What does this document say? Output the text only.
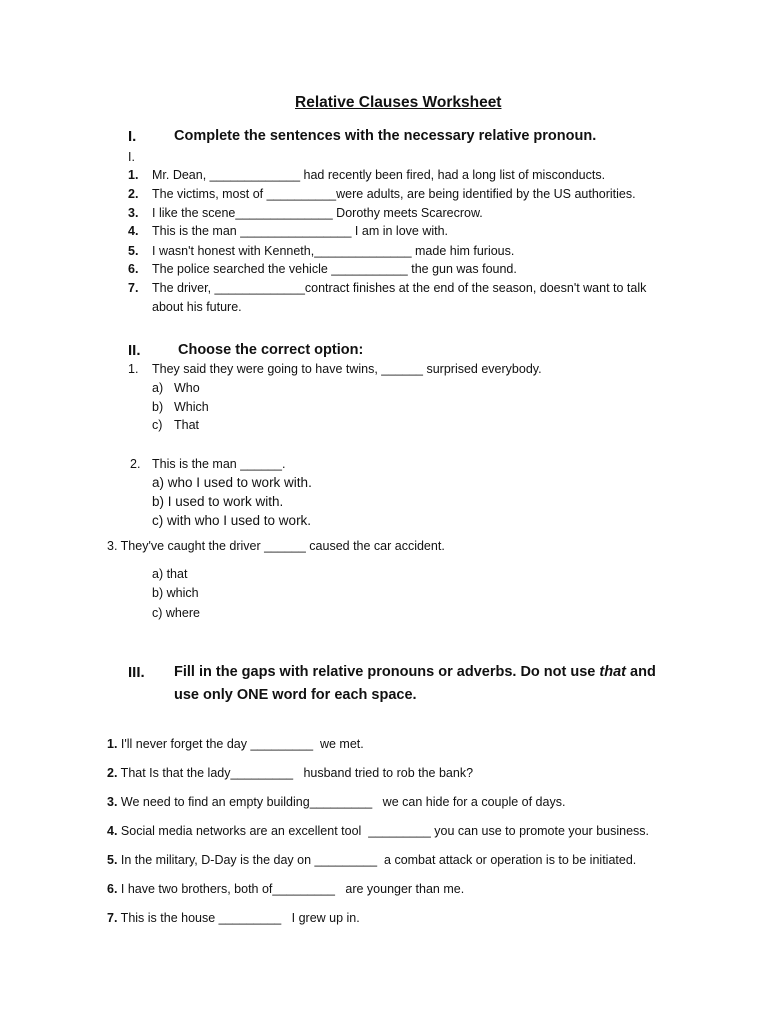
Relative Clauses Worksheet
I.	Complete the sentences with the necessary relative pronoun.
I.
1. Mr. Dean, _____________ had recently been fired, had a long list of misconducts.
2. The victims, most of __________were adults, are being identified by the US authorities.
3. I like the scene______________ Dorothy meets Scarecrow.
4. This is the man ________________ I am in love with.
5. I wasn't honest with Kenneth,______________ made him furious.
6. The police searched the vehicle ___________ the gun was found.
7. The driver, _____________contract finishes at the end of the season, doesn't want to talk
about his future.
II.	Choose the correct option:
1. They said they were going to have twins, ______ surprised everybody.
a) Who
b) Which
c) That
2. This is the man ______.
a) who I used to work with.
b) I used to work with.
c) with who I used to work.
3. They've caught the driver ______ caused the car accident.
a) that
b) which
c) where
III. Fill in the gaps with relative pronouns or adverbs. Do not use that and
use only ONE word for each space.
1. I'll never forget the day _________  we met.
2. That Is that the lady_________   husband tried to rob the bank?
3. We need to find an empty building_________   we can hide for a couple of days.
4. Social media networks are an excellent tool  _________ you can use to promote your business.
5. In the military, D-Day is the day on _________  a combat attack or operation is to be initiated.
6. I have two brothers, both of_________   are younger than me.
7. This is the house _________   I grew up in.
